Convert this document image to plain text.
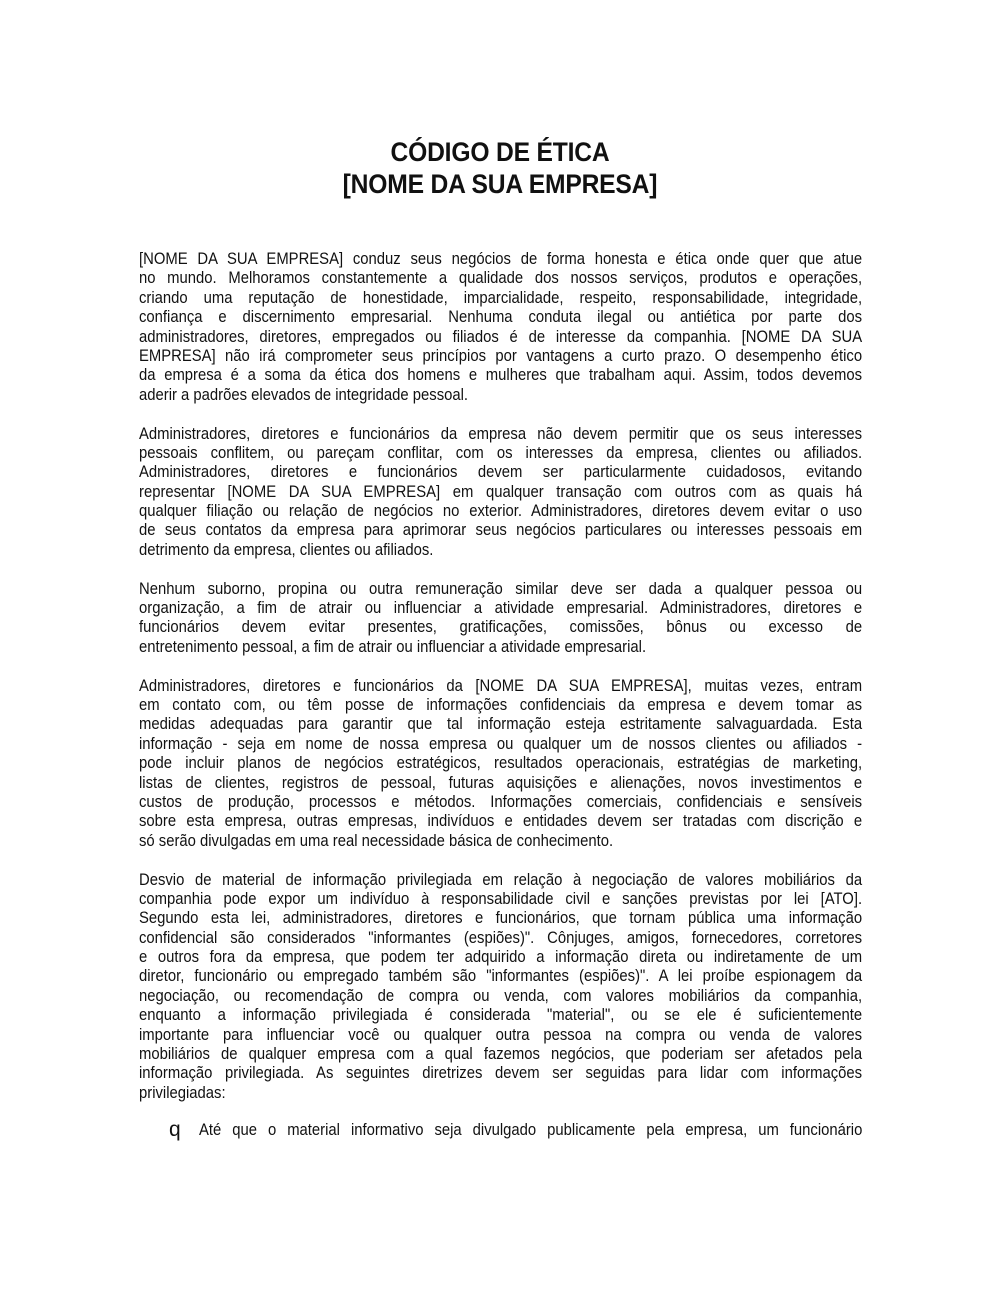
CÓDIGO DE ÉTICA
[NOME DA SUA EMPRESA]
[NOME DA SUA EMPRESA] conduz seus negócios de forma honesta e ética onde quer que atue
no mundo. Melhoramos constantemente a qualidade dos nossos serviços, produtos e operações,
criando uma reputação de honestidade, imparcialidade, respeito, responsabilidade, integridade,
confiança e discernimento empresarial. Nenhuma conduta ilegal ou antiética por parte dos
administradores, diretores, empregados ou filiados é de interesse da companhia. [NOME DA SUA
EMPRESA] não irá comprometer seus princípios por vantagens a curto prazo. O desempenho ético
da empresa é a soma da ética dos homens e mulheres que trabalham aqui. Assim, todos devemos
aderir a padrões elevados de integridade pessoal.
Administradores, diretores e funcionários da empresa não devem permitir que os seus interesses
pessoais conflitem, ou pareçam conflitar, com os interesses da empresa, clientes ou afiliados.
Administradores, diretores e funcionários devem ser particularmente cuidadosos, evitando
representar [NOME DA SUA EMPRESA] em qualquer transação com outros com as quais há
qualquer filiação ou relação de negócios no exterior. Administradores, diretores devem evitar o uso
de seus contatos da empresa para aprimorar seus negócios particulares ou interesses pessoais em
detrimento da empresa, clientes ou afiliados.
Nenhum suborno, propina ou outra remuneração similar deve ser dada a qualquer pessoa ou
organização, a fim de atrair ou influenciar a atividade empresarial. Administradores, diretores e
funcionários devem evitar presentes, gratificações, comissões, bônus ou excesso de
entretenimento pessoal, a fim de atrair ou influenciar a atividade empresarial.
Administradores, diretores e funcionários da [NOME DA SUA EMPRESA], muitas vezes, entram
em contato com, ou têm posse de informações confidenciais da empresa e devem tomar as
medidas adequadas para garantir que tal informação esteja estritamente salvaguardada. Esta
informação - seja em nome de nossa empresa ou qualquer um de nossos clientes ou afiliados -
pode incluir planos de negócios estratégicos, resultados operacionais, estratégias de marketing,
listas de clientes, registros de pessoal, futuras aquisições e alienações, novos investimentos e
custos de produção, processos e métodos. Informações comerciais, confidenciais e sensíveis
sobre esta empresa, outras empresas, indivíduos e entidades devem ser tratadas com discrição e
só serão divulgadas em uma real necessidade básica de conhecimento.
Desvio de material de informação privilegiada em relação à negociação de valores mobiliários da
companhia pode expor um indivíduo à responsabilidade civil e sanções previstas por lei [ATO].
Segundo esta lei, administradores, diretores e funcionários, que tornam pública uma informação
confidencial são considerados "informantes (espiões)". Cônjuges, amigos, fornecedores, corretores
e outros fora da empresa, que podem ter adquirido a informação direta ou indiretamente de um
diretor, funcionário ou empregado também são "informantes (espiões)". A lei proíbe espionagem da
negociação, ou recomendação de compra ou venda, com valores mobiliários da companhia,
enquanto a informação privilegiada é considerada "material", ou se ele é suficientemente
importante para influenciar você ou qualquer outra pessoa na compra ou venda de valores
mobiliários de qualquer empresa com a qual fazemos negócios, que poderiam ser afetados pela
informação privilegiada. As seguintes diretrizes devem ser seguidas para lidar com informações
privilegiadas:
q Até que o material informativo seja divulgado publicamente pela empresa, um funcionário
